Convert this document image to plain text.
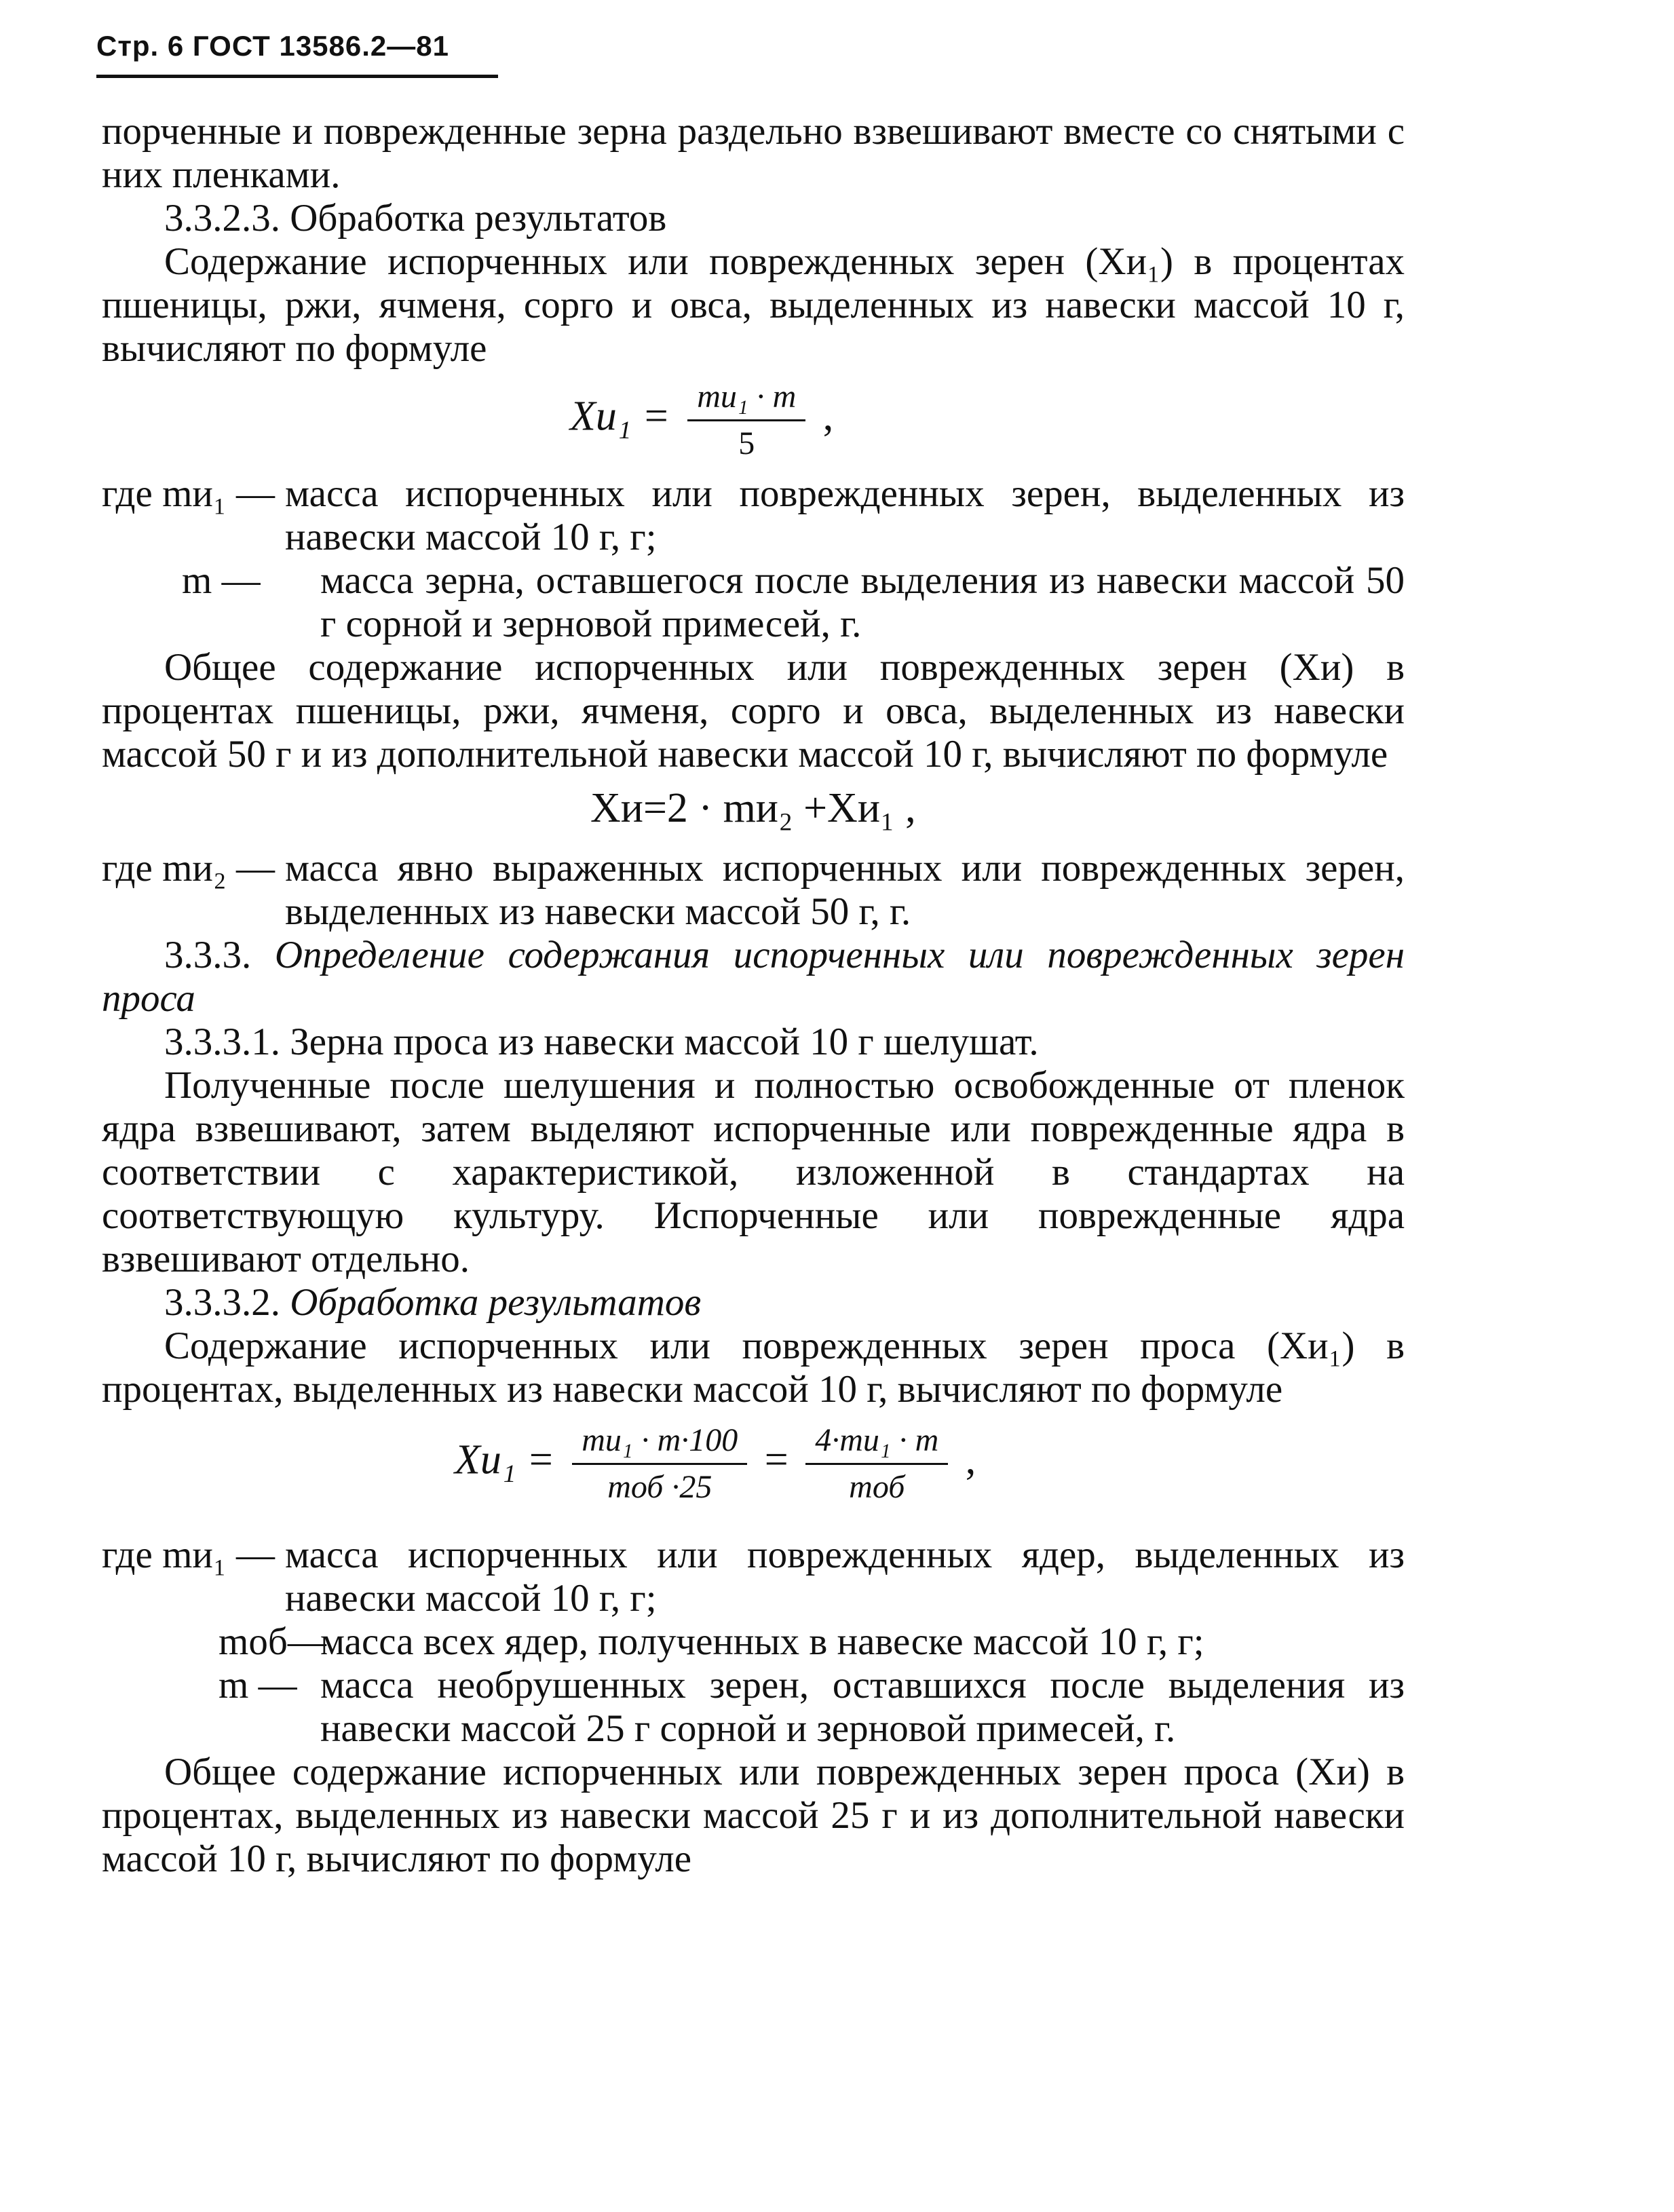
Стр. 6 ГОСТ 13586.2—81
порченные и поврежденные зерна раздельно взвешивают вместе со снятыми с них пленками.
3.3.2.3. Обработка результатов
Содержание испорченных или поврежденных зерен (Xи₁) в процентах пшеницы, ржи, ячменя, сорго и овса, выделенных из навески массой 10 г, вычисляют по формуле
$Xи_1 = \frac{\text{mи₁ · m}}{5}$ ,
где mи₁ — масса испорченных или поврежденных зерен, выделенных из навески массой 10 г, г;
m — масса зерна, оставшегося после выделения из навески массой 50 г сорной и зерновой примесей, г.
Общее содержание испорченных или поврежденных зерен (Xи) в процентах пшеницы, ржи, ячменя, сорго и овса, выделенных из навески массой 50 г и из дополнительной навески массой 10 г, вычисляют по формуле
Xи=2 · mи₂ +Xи₁ ,
где mи₂ — масса явно выраженных испорченных или поврежденных зерен, выделенных из навески массой 50 г, г.
3.3.3. Определение содержания испорченных или поврежденных зерен проса
3.3.3.1. Зерна проса из навески массой 10 г шелушат.
Полученные после шелушения и полностью освобожденные от пленок ядра взвешивают, затем выделяют испорченные или поврежденные ядра в соответствии с характеристикой, изложенной в стандартах на соответствующую культуру. Испорченные или поврежденные ядра взвешивают отдельно.
3.3.3.2. Обработка результатов
Содержание испорченных или поврежденных зерен проса (Xи₁) в процентах, выделенных из навески массой 10 г, вычисляют по формуле
$Xи_1 = \frac{\text{mи₁ · m·100}}{\text{mоб ·25}} = \frac{\text{4·mи₁ · m}}{\text{mоб}}$ ,
где mи₁ — масса испорченных или поврежденных ядер, выделенных из навески массой 10 г, г;
mоб—
масса всех ядер, полученных в навеске массой 10 г, г;
m — масса необрушенных зерен, оставшихся после выделения из навески массой 25 г сорной и зерновой примесей, г.
Общее содержание испорченных или поврежденных зерен проса (Xи) в процентах, выделенных из навески массой 25 г и из дополнительной навески массой 10 г, вычисляют по формуле
